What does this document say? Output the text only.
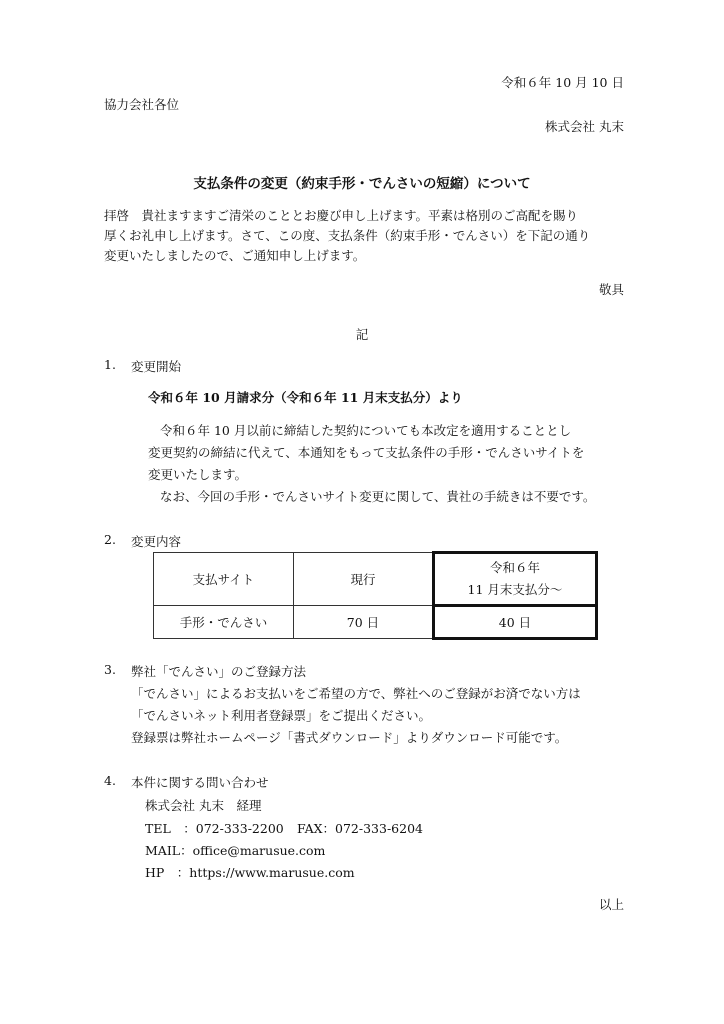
令和６年 10 月 10 日
協力会社各位
株式会社 丸末
支払条件の変更（約束手形・でんさいの短縮）について
拝啓　貴社ますますご清栄のこととお慶び申し上げます。平素は格別のご高配を賜り
厚くお礼申し上げます。さて、この度、支払条件（約束手形・でんさい）を下記の通り
変更いたしましたので、ご通知申し上げます。
敬具
記
1. 変更開始
令和６年 10 月請求分（令和６年 11 月末支払分）より
令和６年 10 月以前に締結した契約についても本改定を適用することとし
変更契約の締結に代えて、本通知をもって支払条件の手形・でんさいサイトを
変更いたします。
なお、今回の手形・でんさいサイト変更に関して、貴社の手続きは不要です。
2. 変更内容
支払サイト	現行	令和６年
11 月末支払分～

手形・でんさい	70 日	40 日
3. 弊社「でんさい」のご登録方法
「でんさい」によるお支払いをご希望の方で、弊社へのご登録がお済でない方は
「でんさいネット利用者登録票」をご提出ください。
登録票は弊社ホームページ「書式ダウンロード」よりダウンロード可能です。
4. 本件に関する問い合わせ
株式会社 丸末　経理
TEL　：072-333-2200 FAX：072-333-6204
MAIL：office@marusue.com
HP　：https://www.marusue.com
以上
